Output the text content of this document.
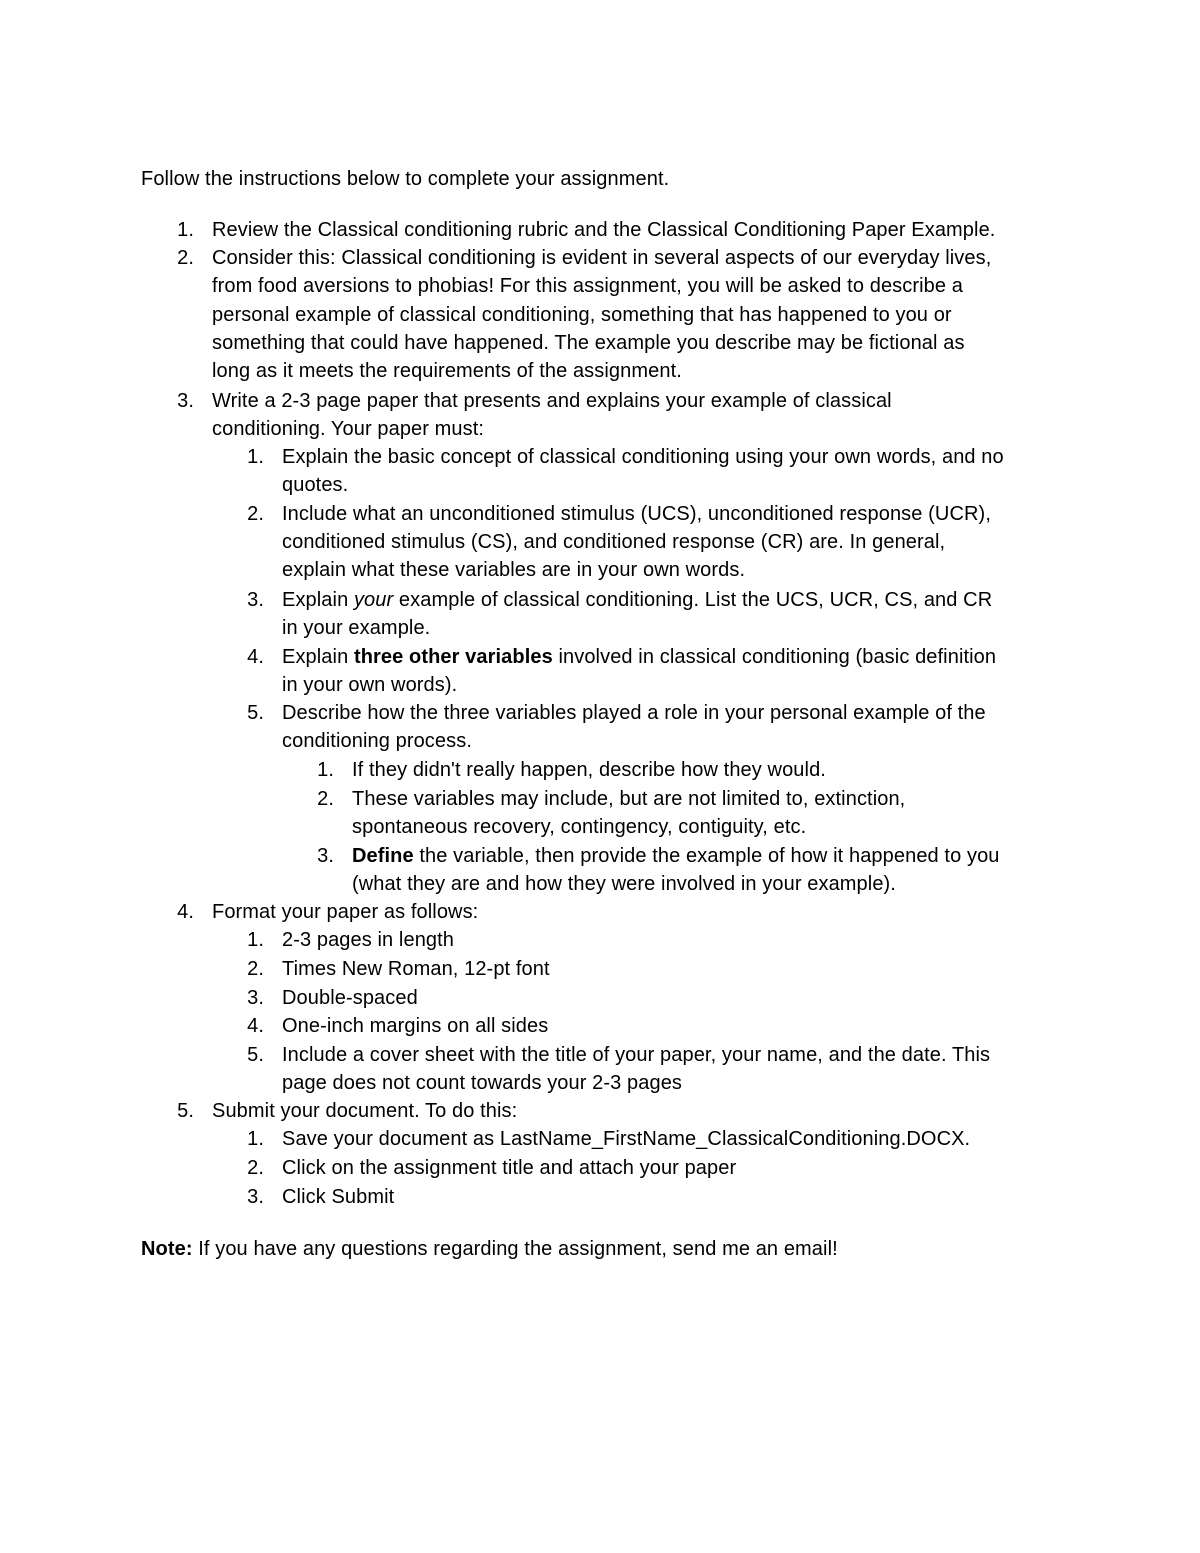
Follow the instructions below to complete your assignment.
1. Review the Classical conditioning rubric and the Classical Conditioning Paper Example.
2. Consider this: Classical conditioning is evident in several aspects of our everyday lives,
from food aversions to phobias! For this assignment, you will be asked to describe a
personal example of classical conditioning, something that has happened to you or
something that could have happened. The example you describe may be fictional as
long as it meets the requirements of the assignment.
3. Write a 2-3 page paper that presents and explains your example of classical
conditioning. Your paper must:
1. Explain the basic concept of classical conditioning using your own words, and no
quotes.
2. Include what an unconditioned stimulus (UCS), unconditioned response (UCR),
conditioned stimulus (CS), and conditioned response (CR) are. In general,
explain what these variables are in your own words.
3. Explain your example of classical conditioning. List the UCS, UCR, CS, and CR
in your example.
4. Explain three other variables involved in classical conditioning (basic definition
in your own words).
5. Describe how the three variables played a role in your personal example of the
conditioning process.
1. If they didn't really happen, describe how they would.
2. These variables may include, but are not limited to, extinction,
spontaneous recovery, contingency, contiguity, etc.
3. Define the variable, then provide the example of how it happened to you
(what they are and how they were involved in your example).
4. Format your paper as follows:
1. 2-3 pages in length
2. Times New Roman, 12-pt font
3. Double-spaced
4. One-inch margins on all sides
5. Include a cover sheet with the title of your paper, your name, and the date. This
page does not count towards your 2-3 pages
5. Submit your document. To do this:
1. Save your document as LastName_FirstName_ClassicalConditioning.DOCX.
2. Click on the assignment title and attach your paper
3. Click Submit
Note: If you have any questions regarding the assignment, send me an email!
